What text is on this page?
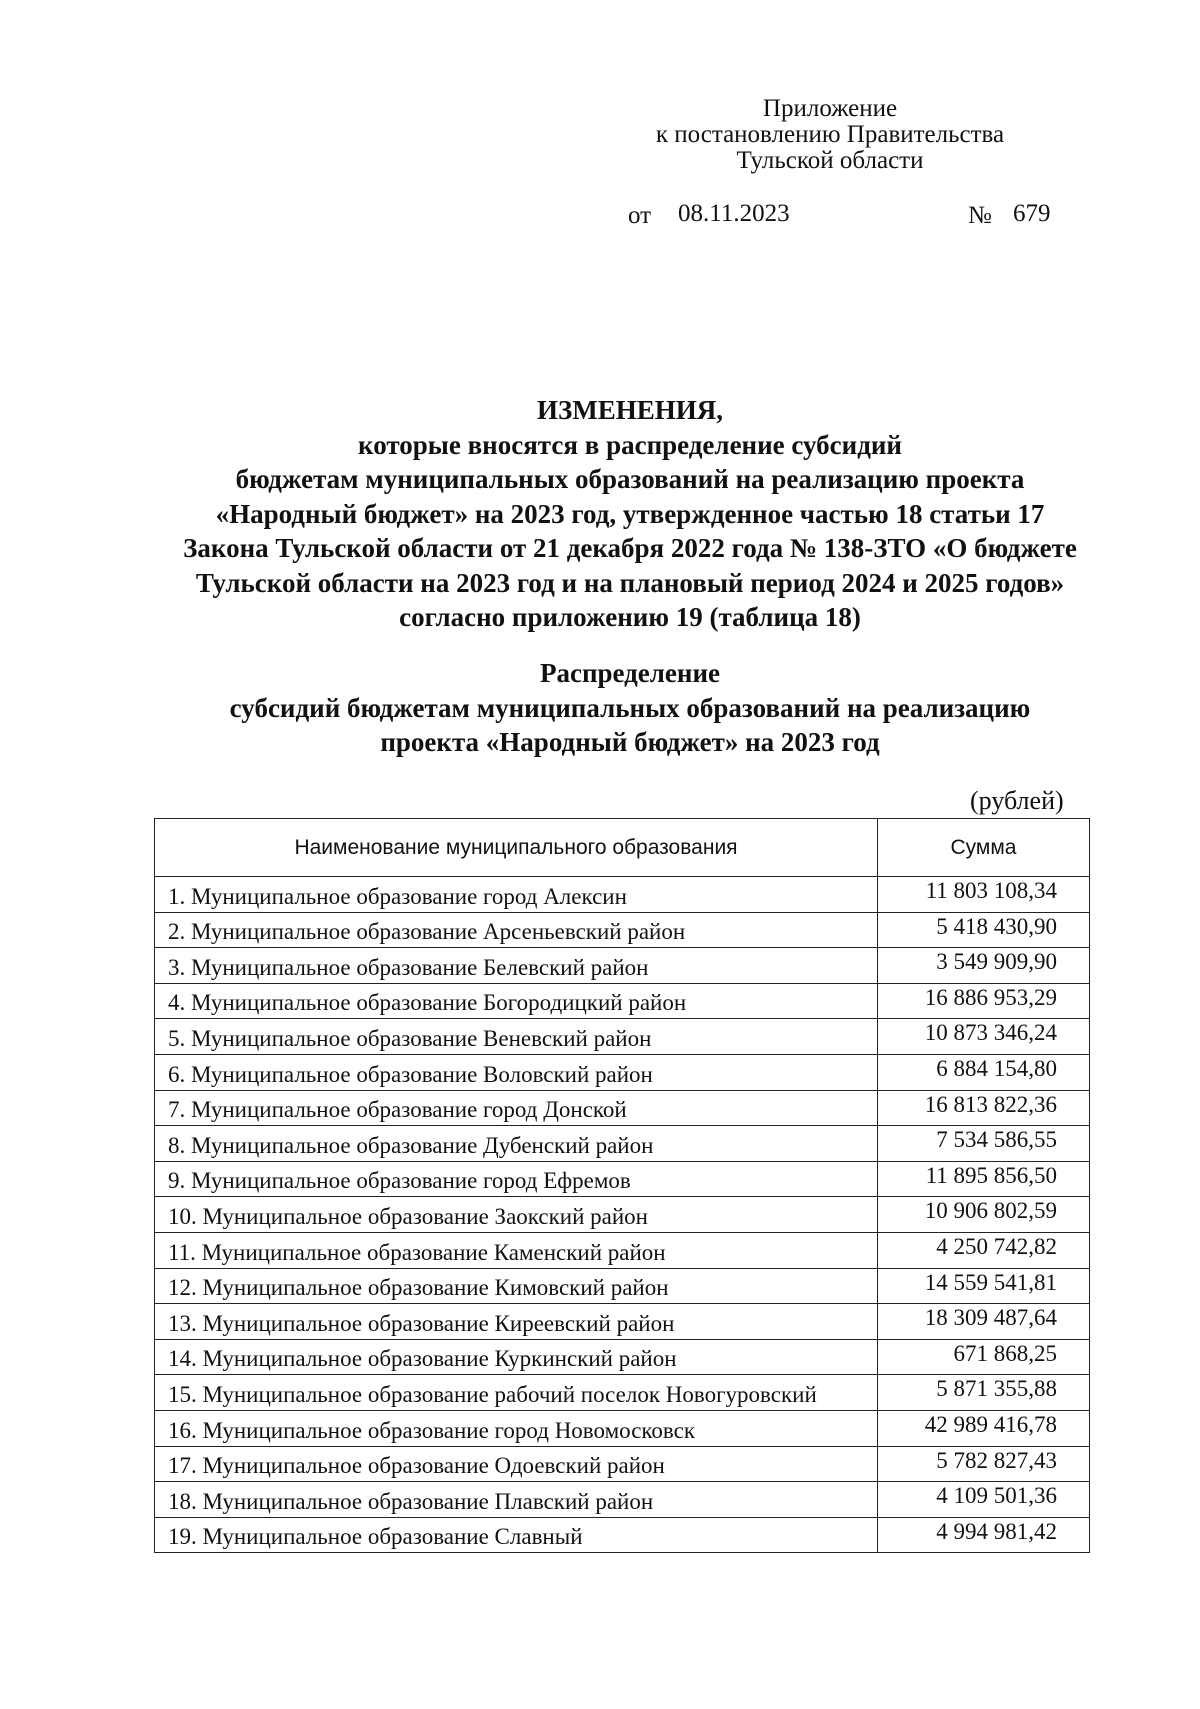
Приложение
к постановлению Правительства
Тульской области
от 08.11.2023	№ 679
ИЗМЕНЕНИЯ,
которые вносятся в распределение субсидий
бюджетам муниципальных образований на реализацию проекта
«Народный бюджет» на 2023 год, утвержденное частью 18 статьи 17
Закона Тульской области от 21 декабря 2022 года № 138-ЗТО «О бюджете
Тульской области на 2023 год и на плановый период 2024 и 2025 годов»
согласно приложению 19 (таблица 18)
Распределение
субсидий бюджетам муниципальных образований на реализацию
проекта «Народный бюджет» на 2023 год
(рублей)
Наименование муниципального образования	Сумма
1. Муниципальное образование город Алексин	11 803 108,34
2. Муниципальное образование Арсеньевский район	5 418 430,90
3. Муниципальное образование Белевский район	3 549 909,90
4. Муниципальное образование Богородицкий район	16 886 953,29
5. Муниципальное образование Веневский район	10 873 346,24
6. Муниципальное образование Воловский район	6 884 154,80
7. Муниципальное образование город Донской	16 813 822,36
8. Муниципальное образование Дубенский район	7 534 586,55
9. Муниципальное образование город Ефремов	11 895 856,50
10. Муниципальное образование Заокский район	10 906 802,59
11. Муниципальное образование Каменский район	4 250 742,82
12. Муниципальное образование Кимовский район	14 559 541,81
13. Муниципальное образование Киреевский район	18 309 487,64
14. Муниципальное образование Куркинский район	671 868,25
15. Муниципальное образование рабочий поселок Новогуровский	5 871 355,88
16. Муниципальное образование город Новомосковск	42 989 416,78
17. Муниципальное образование Одоевский район	5 782 827,43
18. Муниципальное образование Плавский район	4 109 501,36
19. Муниципальное образование Славный	4 994 981,42
